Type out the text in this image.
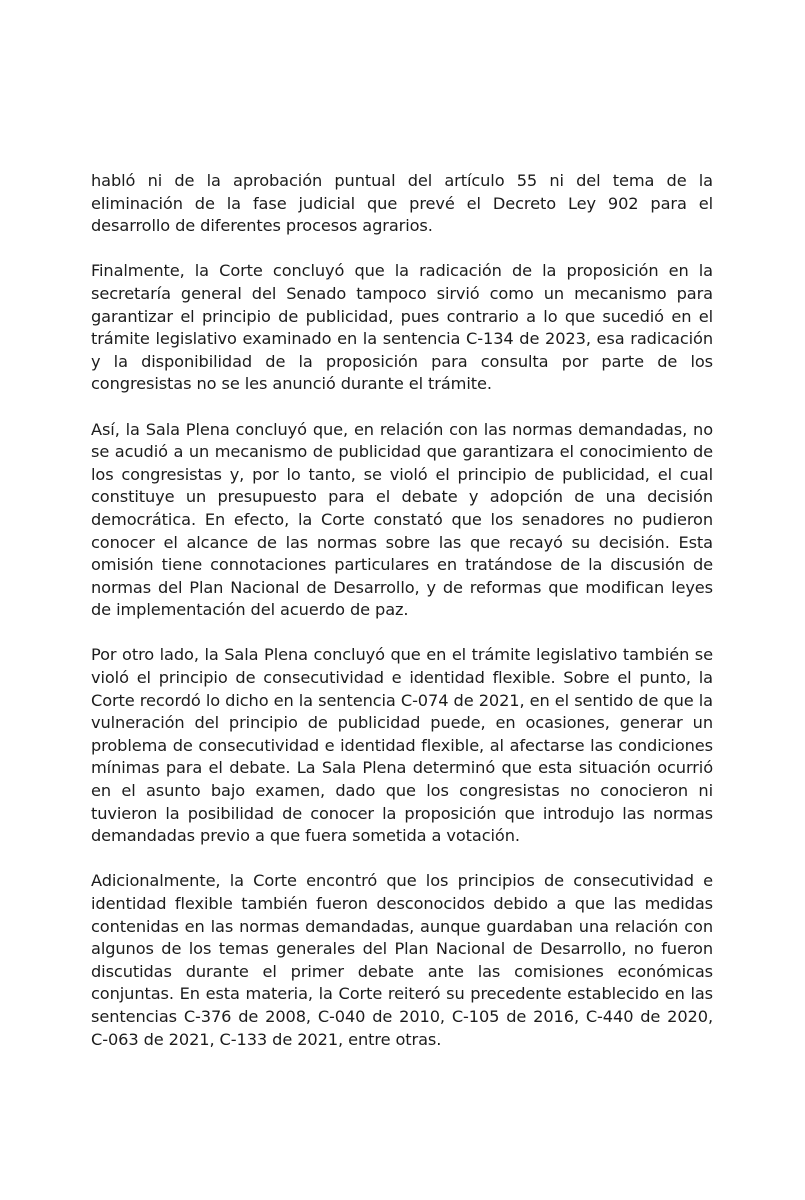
habló ni de la aprobación puntual del artículo 55 ni del tema de la eliminación de la fase judicial que prevé el Decreto Ley 902 para el desarrollo de diferentes procesos agrarios.

Finalmente, la Corte concluyó que la radicación de la proposición en la secretaría general del Senado tampoco sirvió como un mecanismo para garantizar el principio de publicidad, pues contrario a lo que sucedió en el trámite legislativo examinado en la sentencia C-134 de 2023, esa radicación y la disponibilidad de la proposición para consulta por parte de los congresistas no se les anunció durante el trámite.

Así, la Sala Plena concluyó que, en relación con las normas demandadas, no se acudió a un mecanismo de publicidad que garantizara el conocimiento de los congresistas y, por lo tanto, se violó el principio de publicidad, el cual constituye un presupuesto para el debate y adopción de una decisión democrática. En efecto, la Corte constató que los senadores no pudieron conocer el alcance de las normas sobre las que recayó su decisión. Esta omisión tiene connotaciones particulares en tratándose de la discusión de normas del Plan Nacional de Desarrollo, y de reformas que modifican leyes de implementación del acuerdo de paz.

Por otro lado, la Sala Plena concluyó que en el trámite legislativo también se violó el principio de consecutividad e identidad flexible. Sobre el punto, la Corte recordó lo dicho en la sentencia C-074 de 2021, en el sentido de que la vulneración del principio de publicidad puede, en ocasiones, generar un problema de consecutividad e identidad flexible, al afectarse las condiciones mínimas para el debate. La Sala Plena determinó que esta situación ocurrió en el asunto bajo examen, dado que los congresistas no conocieron ni tuvieron la posibilidad de conocer la proposición que introdujo las normas demandadas previo a que fuera sometida a votación.

Adicionalmente, la Corte encontró que los principios de consecutividad e identidad flexible también fueron desconocidos debido a que las medidas contenidas en las normas demandadas, aunque guardaban una relación con algunos de los temas generales del Plan Nacional de Desarrollo, no fueron discutidas durante el primer debate ante las comisiones económicas conjuntas. En esta materia, la Corte reiteró su precedente establecido en las sentencias C-376 de 2008, C-040 de 2010, C-105 de 2016, C-440 de 2020, C-063 de 2021, C-133 de 2021, entre otras.
